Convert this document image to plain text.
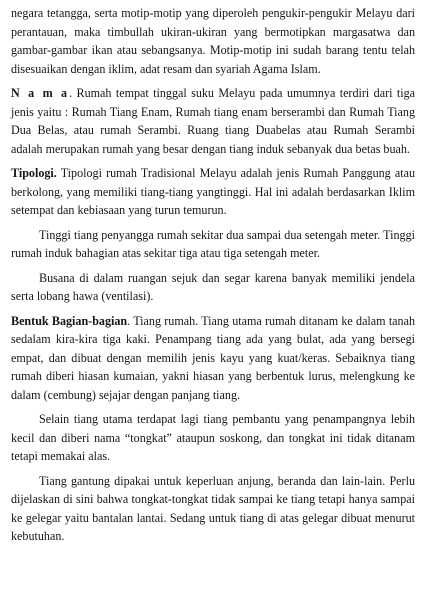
negara tetangga, serta motip-motip yang diperoleh pengukir-pengukir Melayu dari perantauan, maka timbullah ukiran-ukiran yang bermotipkan margasatwa dan gambar-gambar ikan atau sebangsanya. Motip-motip ini sudah barang tentu telah disesuaikan dengan iklim, adat resam dan syariah Agama Islam.

N a m a. Rumah tempat tinggal suku Melayu pada umumnya terdiri dari tiga jenis yaitu : Rumah Tiang Enam, Rumah tiang enam berserambi dan Rumah Tiang Dua Belas, atau rumah Serambi. Ruang tiang Duabelas atau Rumah Serambi adalah merupakan rumah yang besar dengan tiang induk sebanyak dua betas buah.

Tipologi. Tipologi rumah Tradisional Melayu adalah jenis Rumah Panggung atau berkolong, yang memiliki tiang-tiang yangtinggi. Hal ini adalah berdasarkan Iklim setempat dan kebiasaan yang turun temurun.

Tinggi tiang penyangga rumah sekitar dua sampai dua setengah meter. Tinggi rumah induk bahagian atas sekitar tiga atau tiga setengah meter.

Busana di dalam ruangan sejuk dan segar karena banyak memiliki jendela serta lobang hawa (ventilasi).

Bentuk Bagian-bagian. Tiang rumah. Tiang utama rumah ditanam ke dalam tanah sedalam kira-kira tiga kaki. Penampang tiang ada yang bulat, ada yang bersegi empat, dan dibuat dengan memilih jenis kayu yang kuat/keras. Sebaiknya tiang rumah diberi hiasan kumaian, yakni hiasan yang berbentuk lurus, melengkung ke dalam (cembung) sejajar dengan panjang tiang.

Selain tiang utama terdapat lagi tiang pembantu yang penampangnya lebih kecil dan diberi nama “tongkat” ataupun soskong, dan tongkat ini tidak ditanam tetapi memakai alas.

Tiang gantung dipakai untuk keperluan anjung, beranda dan lain-lain. Perlu dijelaskan di sini bahwa tongkat-tongkat tidak sampai ke tiang tetapi hanya sampai ke gelegar yaitu bantalan lantai. Sedang untuk tiang di atas gelegar dibuat menurut kebutuhan.
